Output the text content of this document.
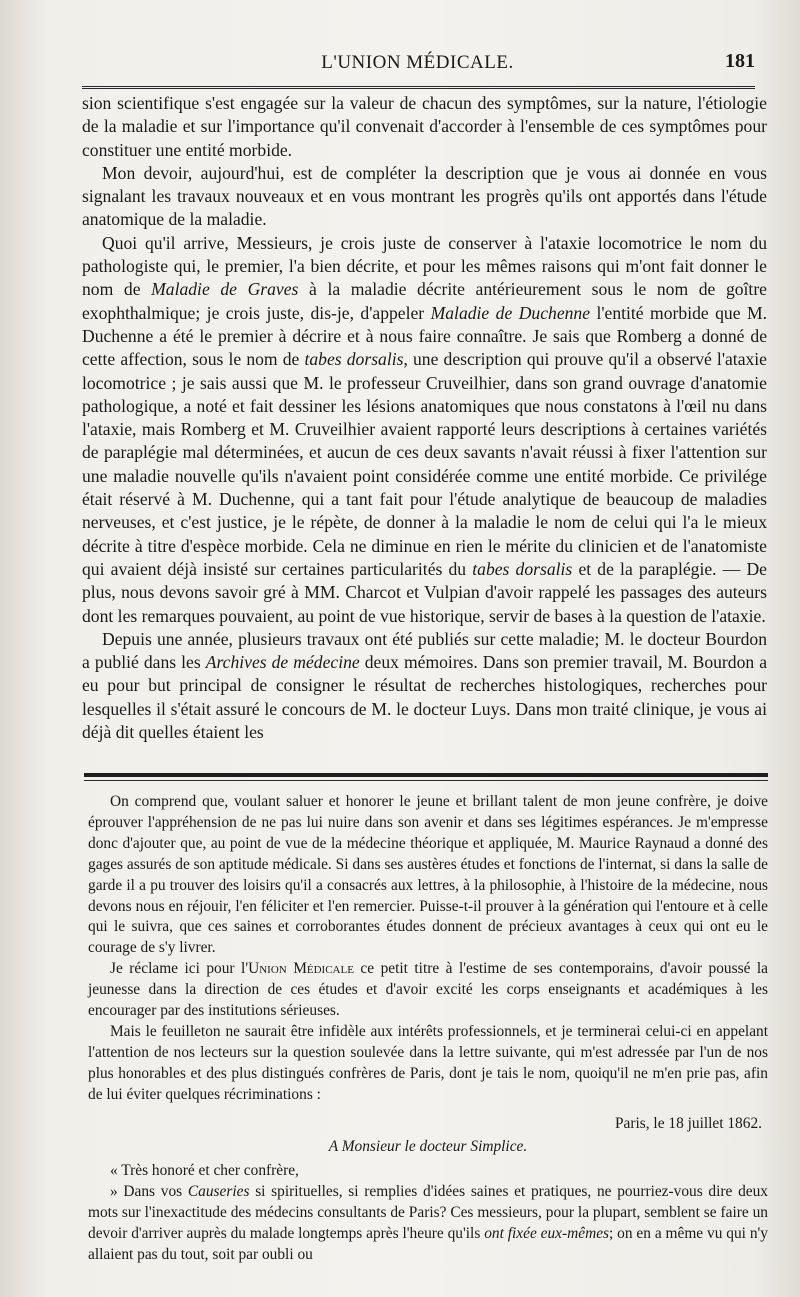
L'UNION MÉDICALE.	181

sion scientifique s'est engagée sur la valeur de chacun des symptômes, sur la nature, l'étiologie de la maladie et sur l'importance qu'il convenait d'accorder à l'ensemble de ces symptômes pour constituer une entité morbide.

Mon devoir, aujourd'hui, est de compléter la description que je vous ai donnée en vous signalant les travaux nouveaux et en vous montrant les progrès qu'ils ont apportés dans l'étude anatomique de la maladie.

Quoi qu'il arrive, Messieurs, je crois juste de conserver à l'ataxie locomotrice le nom du pathologiste qui, le premier, l'a bien décrite, et pour les mêmes raisons qui m'ont fait donner le nom de Maladie de Graves à la maladie décrite antérieurement sous le nom de goître exophthalmique; je crois juste, dis-je, d'appeler Maladie de Duchenne l'entité morbide que M. Duchenne a été le premier à décrire et à nous faire connaître. Je sais que Romberg a donné de cette affection, sous le nom de tabes dorsalis, une description qui prouve qu'il a observé l'ataxie locomotrice ; je sais aussi que M. le professeur Cruveilhier, dans son grand ouvrage d'anatomie pathologique, a noté et fait dessiner les lésions anatomiques que nous constatons à l'œil nu dans l'ataxie, mais Romberg et M. Cruveilhier avaient rapporté leurs descriptions à certaines variétés de paraplégie mal déterminées, et aucun de ces deux savants n'avait réussi à fixer l'attention sur une maladie nouvelle qu'ils n'avaient point considérée comme une entité morbide. Ce privilége était réservé à M. Duchenne, qui a tant fait pour l'étude analytique de beaucoup de maladies nerveuses, et c'est justice, je le répète, de donner à la maladie le nom de celui qui l'a le mieux décrite à titre d'espèce morbide. Cela ne diminue en rien le mérite du clinicien et de l'anatomiste qui avaient déjà insisté sur certaines particularités du tabes dorsalis et de la paraplégie. — De plus, nous devons savoir gré à MM. Charcot et Vulpian d'avoir rappelé les passages des auteurs dont les remarques pouvaient, au point de vue historique, servir de bases à la question de l'ataxie.

Depuis une année, plusieurs travaux ont été publiés sur cette maladie; M. le docteur Bourdon a publié dans les Archives de médecine deux mémoires. Dans son premier travail, M. Bourdon a eu pour but principal de consigner le résultat de recherches histologiques, recherches pour lesquelles il s'était assuré le concours de M. le docteur Luys. Dans mon traité clinique, je vous ai déjà dit quelles étaient les

On comprend que, voulant saluer et honorer le jeune et brillant talent de mon jeune confrère, je doive éprouver l'appréhension de ne pas lui nuire dans son avenir et dans ses légitimes espérances. Je m'empresse donc d'ajouter que, au point de vue de la médecine théorique et appliquée, M. Maurice Raynaud a donné des gages assurés de son aptitude médicale. Si dans ses austères études et fonctions de l'internat, si dans la salle de garde il a pu trouver des loisirs qu'il a consacrés aux lettres, à la philosophie, à l'histoire de la médecine, nous devons nous en réjouir, l'en féliciter et l'en remercier. Puisse-t-il prouver à la génération qui l'entoure et à celle qui le suivra, que ces saines et corroborantes études donnent de précieux avantages à ceux qui ont eu le courage de s'y livrer.

Je réclame ici pour l'Union Médicale ce petit titre à l'estime de ses contemporains, d'avoir poussé la jeunesse dans la direction de ces études et d'avoir excité les corps enseignants et académiques à les encourager par des institutions sérieuses.

Mais le feuilleton ne saurait être infidèle aux intérêts professionnels, et je terminerai celui-ci en appelant l'attention de nos lecteurs sur la question soulevée dans la lettre suivante, qui m'est adressée par l'un de nos plus honorables et des plus distingués confrères de Paris, dont je tais le nom, quoiqu'il ne m'en prie pas, afin de lui éviter quelques récriminations :

Paris, le 18 juillet 1862.

A Monsieur le docteur Simplice.

« Très honoré et cher confrère,

» Dans vos Causeries si spirituelles, si remplies d'idées saines et pratiques, ne pourriez-vous dire deux mots sur l'inexactitude des médecins consultants de Paris? Ces messieurs, pour la plupart, semblent se faire un devoir d'arriver auprès du malade longtemps après l'heure qu'ils ont fixée eux-mêmes; on en a même vu qui n'y allaient pas du tout, soit par oubli ou
